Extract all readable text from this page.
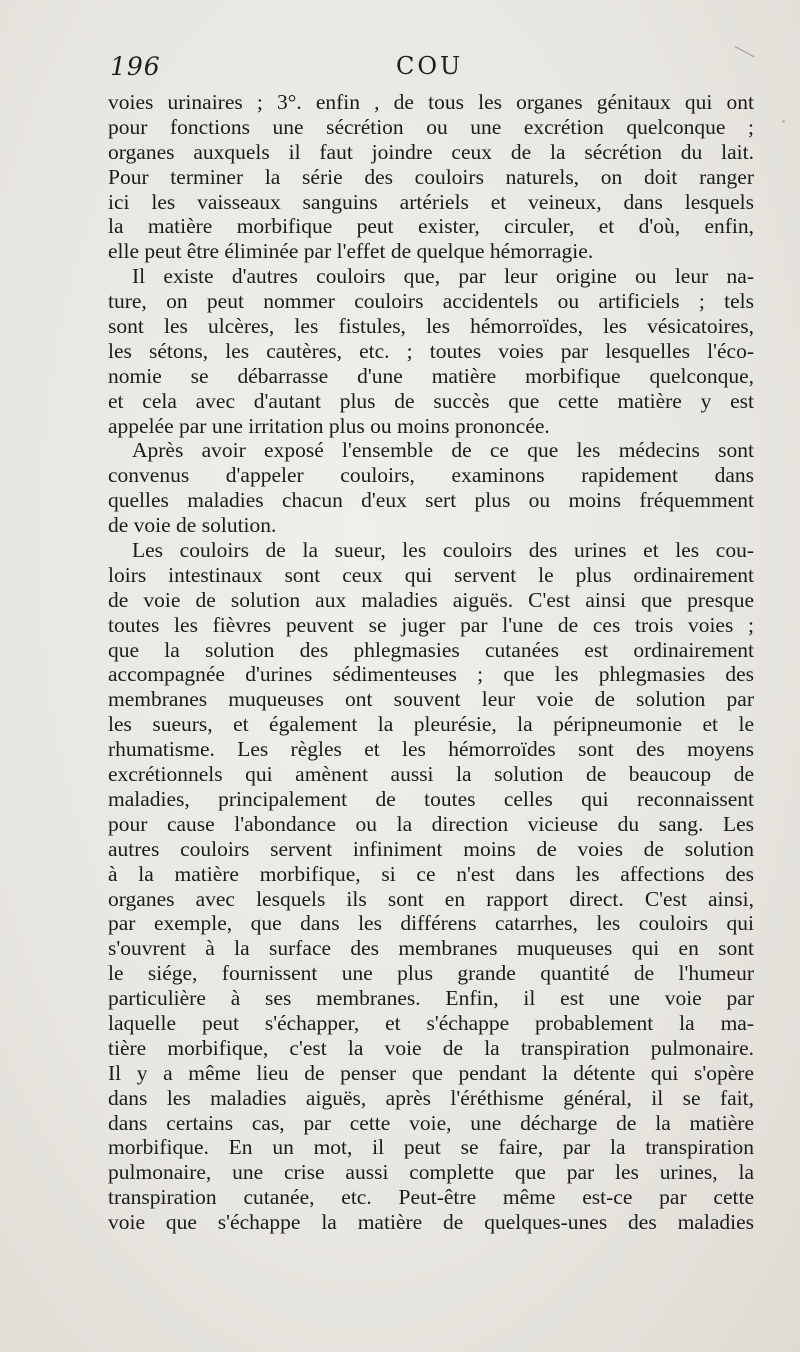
196	COU
voies urinaires ; 3°. enfin , de tous les organes génitaux qui ont
pour fonctions une sécrétion ou une excrétion quelconque ;
organes auxquels il faut joindre ceux de la sécrétion du lait.
Pour terminer la série des couloirs naturels, on doit ranger
ici les vaisseaux sanguins artériels et veineux, dans lesquels
la matière morbifique peut exister, circuler, et d'où, enfin,
elle peut être éliminée par l'effet de quelque hémorragie.
Il existe d'autres couloirs que, par leur origine ou leur na-
ture, on peut nommer couloirs accidentels ou artificiels ; tels
sont les ulcères, les fistules, les hémorroïdes, les vésicatoires,
les sétons, les cautères, etc. ; toutes voies par lesquelles l'éco-
nomie se débarrasse d'une matière morbifique quelconque,
et cela avec d'autant plus de succès que cette matière y est
appelée par une irritation plus ou moins prononcée.
Après avoir exposé l'ensemble de ce que les médecins sont
convenus d'appeler couloirs, examinons rapidement dans
quelles maladies chacun d'eux sert plus ou moins fréquemment
de voie de solution.
Les couloirs de la sueur, les couloirs des urines et les cou-
loirs intestinaux sont ceux qui servent le plus ordinairement
de voie de solution aux maladies aiguës. C'est ainsi que presque
toutes les fièvres peuvent se juger par l'une de ces trois voies ;
que la solution des phlegmasies cutanées est ordinairement
accompagnée d'urines sédimenteuses ; que les phlegmasies des
membranes muqueuses ont souvent leur voie de solution par
les sueurs, et également la pleurésie, la péripneumonie et le
rhumatisme. Les règles et les hémorroïdes sont des moyens
excrétionnels qui amènent aussi la solution de beaucoup de
maladies, principalement de toutes celles qui reconnaissent
pour cause l'abondance ou la direction vicieuse du sang. Les
autres couloirs servent infiniment moins de voies de solution
à la matière morbifique, si ce n'est dans les affections des
organes avec lesquels ils sont en rapport direct. C'est ainsi,
par exemple, que dans les différens catarrhes, les couloirs qui
s'ouvrent à la surface des membranes muqueuses qui en sont
le siége, fournissent une plus grande quantité de l'humeur
particulière à ses membranes. Enfin, il est une voie par
laquelle peut s'échapper, et s'échappe probablement la ma-
tière morbifique, c'est la voie de la transpiration pulmonaire.
Il y a même lieu de penser que pendant la détente qui s'opère
dans les maladies aiguës, après l'éréthisme général, il se fait,
dans certains cas, par cette voie, une décharge de la matière
morbifique. En un mot, il peut se faire, par la transpiration
pulmonaire, une crise aussi complette que par les urines, la
transpiration cutanée, etc. Peut-être même est-ce par cette
voie que s'échappe la matière de quelques-unes des maladies
